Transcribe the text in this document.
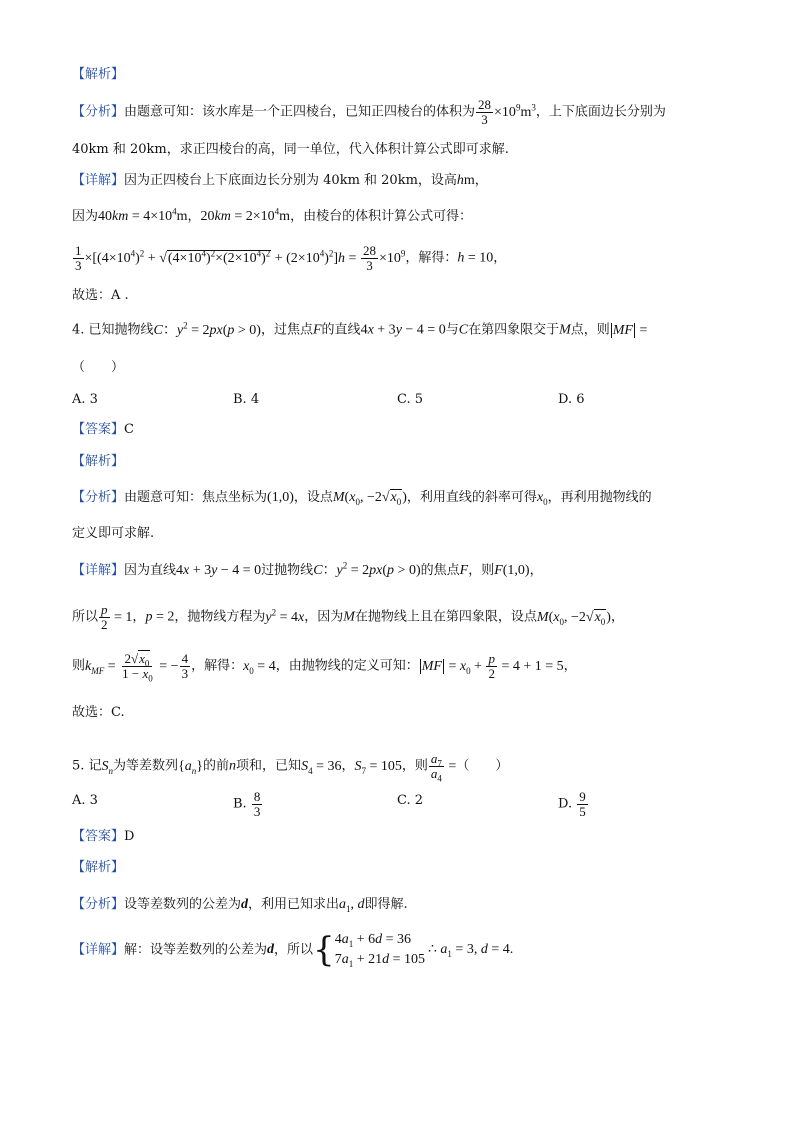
【解析】
【分析】由题意可知：该水库是一个正四棱台，已知正四棱台的体积为 $\frac{28}{3} \times 10^9m^3$，上下底面边长分别为
40km 和 20km，求正四棱台的高，同一单位，代入体积计算公式即可求解.
【详解】因为正四棱台上下底面边长分别为 40km 和 20km，设高hm，
因为$40km = 4\times 10^4m$，$20km = 2\times 10^4m$，由棱台的体积计算公式可得：
$\frac{1}{3} \times[(4\times 10^4)^2 + √(4\times 10^4)^2\times(2\times 10^4)^2 + (2\times 10^4)^2]h = \frac{28}{3} \times 10^9$，解得：h = 10，
故选：A .
4. 已知抛物线C：$y^2 = 2px(p > 0)$，过焦点F的直线4x + 3y − 4 = 0与C在第四象限交于M点，则 MF =
（　　）
A. 3	B. 4	C. 5	D. 6
【答案】C
【解析】
【分析】由题意可知：焦点坐标为(1,0)，设点$M(x_0$, $-2√x_0$)，利用直线的斜率可得$x_0$，再利用抛物线的
定义即可求解.
【详解】因为直线4x + 3y − 4 = 0过抛物线C：$y^2 = 2px(p > 0)$的焦点F，则F(1,0)，
所以 $\frac{p}{2} = 1$，p = 2，抛物线方程为$y^2 = 4x$，因为M在抛物线上且在第四象限，设点$M(x_0$, $-2√x_0$)，
则$k_{MF} = \frac{2√x_0}{1 - x_0}$ = − $\frac{4}{3}$ ，解得：$x_0 = 4$，由抛物线的定义可知： MF = $x_0 + \frac{p}{2} = 4 + 1 = 5$，
故选：C.
5. 记$S_n$为等差数列$\{a_n\}$的前n项和，已知$S_4 = 36$，$S_7 = 105$，则 $\frac{a_7}{a_4}$ =（　　）
A. 3	B. $\frac{8}{3}$	C. 2	D. $\frac{9}{5}$
【答案】D
【解析】
【分析】设等差数列的公差为d，利用已知求出$a_1$, d即得解.
【详解】解：设等差数列的公差为d，所以 { $4a_1 + 6d = 36$
$7a_1 + 21d = 105$
∴ $a_1 = 3$, d = 4.
